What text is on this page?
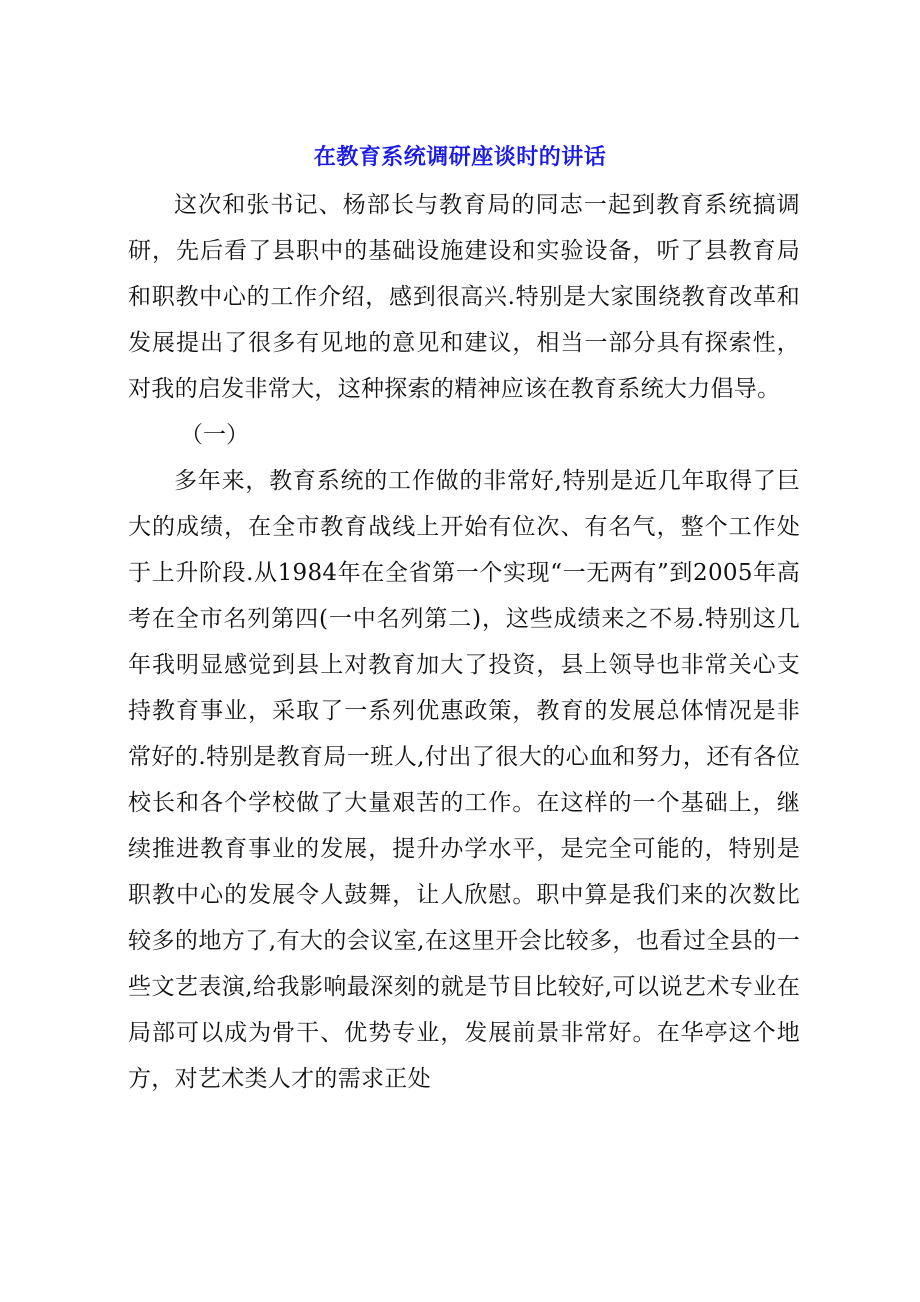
在教育系统调研座谈时的讲话

这次和张书记、杨部长与教育局的同志一起到教育系统搞调研，先后看了县职中的基础设施建设和实验设备，听了县教育局和职教中心的工作介绍，感到很高兴.特别是大家围绕教育改革和发展提出了很多有见地的意见和建议，相当一部分具有探索性，对我的启发非常大，这种探索的精神应该在教育系统大力倡导。

（一）

多年来，教育系统的工作做的非常好,特别是近几年取得了巨大的成绩，在全市教育战线上开始有位次、有名气，整个工作处于上升阶段.从1984年在全省第一个实现“一无两有”到2005年高考在全市名列第四(一中名列第二)，这些成绩来之不易.特别这几年我明显感觉到县上对教育加大了投资，县上领导也非常关心支持教育事业，采取了一系列优惠政策，教育的发展总体情况是非常好的.特别是教育局一班人,付出了很大的心血和努力，还有各位校长和各个学校做了大量艰苦的工作。在这样的一个基础上，继续推进教育事业的发展，提升办学水平，是完全可能的，特别是职教中心的发展令人鼓舞，让人欣慰。职中算是我们来的次数比较多的地方了,有大的会议室,在这里开会比较多，也看过全县的一些文艺表演,给我影响最深刻的就是节目比较好,可以说艺术专业在局部可以成为骨干、优势专业，发展前景非常好。在华亭这个地方，对艺术类人才的需求正处
